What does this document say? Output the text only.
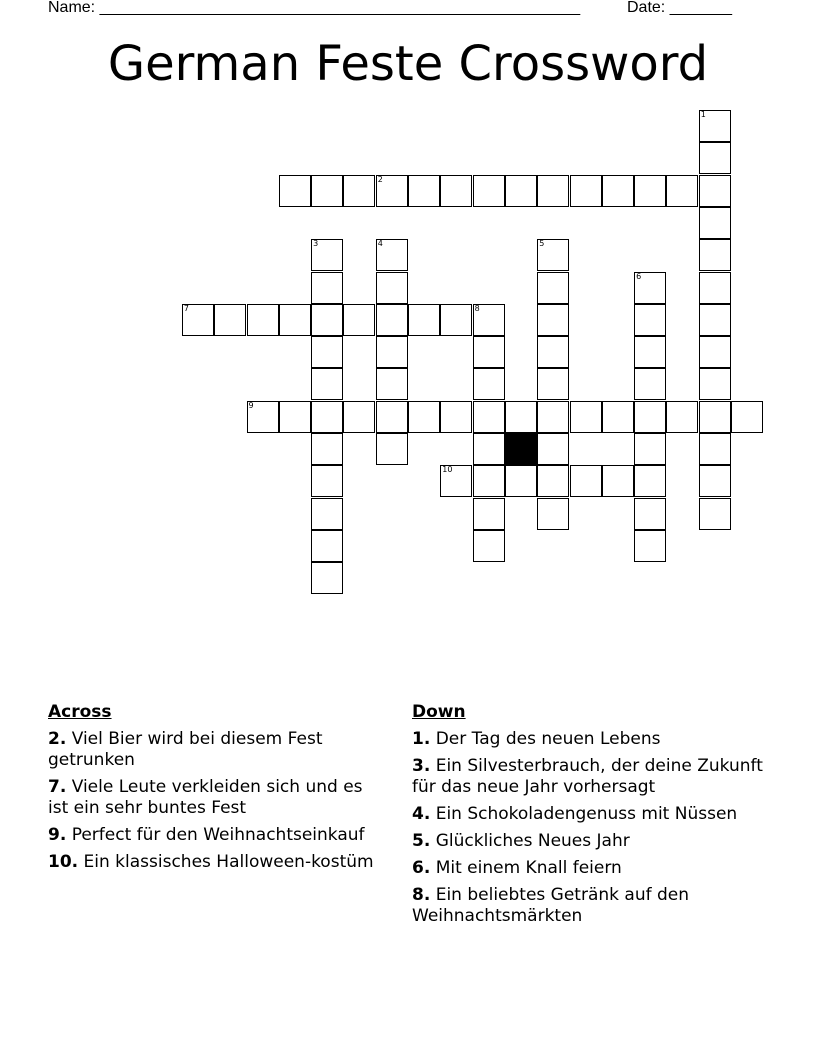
Name: ______________________________________________________	Date: _______
German Feste Crossword
1
2
3	4	5
6
7	8
9
10
Across
2. Viel Bier wird bei diesem Fest getrunken
7. Viele Leute verkleiden sich und es ist ein sehr buntes Fest
9. Perfect für den Weihnachtseinkauf
10. Ein klassisches Halloween-kostüm
Down
1. Der Tag des neuen Lebens
3. Ein Silvesterbrauch, der deine Zukunft für das neue Jahr vorhersagt
4. Ein Schokoladengenuss mit Nüssen
5. Glückliches Neues Jahr
6. Mit einem Knall feiern
8. Ein beliebtes Getränk auf den Weihnachtsmärkten
